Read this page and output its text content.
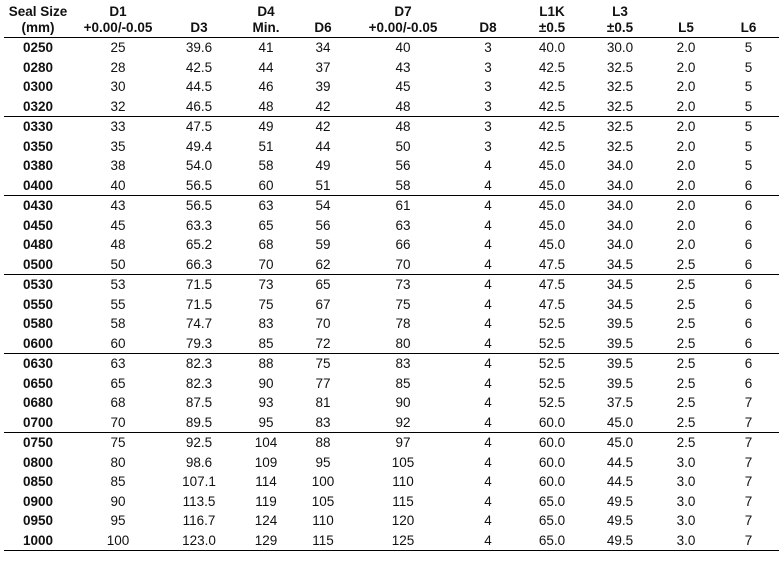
Seal Size	D1		D4		D7		L1K	L3		
(mm)	+0.00/-0.05	D3	Min.	D6	+0.00/-0.05	D8	±0.5	±0.5	L5	L6
0250	25	39.6	41	34	40	3	40.0	30.0	2.0	5
0280	28	42.5	44	37	43	3	42.5	32.5	2.0	5
0300	30	44.5	46	39	45	3	42.5	32.5	2.0	5
0320	32	46.5	48	42	48	3	42.5	32.5	2.0	5
0330	33	47.5	49	42	48	3	42.5	32.5	2.0	5
0350	35	49.4	51	44	50	3	42.5	32.5	2.0	5
0380	38	54.0	58	49	56	4	45.0	34.0	2.0	5
0400	40	56.5	60	51	58	4	45.0	34.0	2.0	6
0430	43	56.5	63	54	61	4	45.0	34.0	2.0	6
0450	45	63.3	65	56	63	4	45.0	34.0	2.0	6
0480	48	65.2	68	59	66	4	45.0	34.0	2.0	6
0500	50	66.3	70	62	70	4	47.5	34.5	2.5	6
0530	53	71.5	73	65	73	4	47.5	34.5	2.5	6
0550	55	71.5	75	67	75	4	47.5	34.5	2.5	6
0580	58	74.7	83	70	78	4	52.5	39.5	2.5	6
0600	60	79.3	85	72	80	4	52.5	39.5	2.5	6
0630	63	82.3	88	75	83	4	52.5	39.5	2.5	6
0650	65	82.3	90	77	85	4	52.5	39.5	2.5	6
0680	68	87.5	93	81	90	4	52.5	37.5	2.5	7
0700	70	89.5	95	83	92	4	60.0	45.0	2.5	7
0750	75	92.5	104	88	97	4	60.0	45.0	2.5	7
0800	80	98.6	109	95	105	4	60.0	44.5	3.0	7
0850	85	107.1	114	100	110	4	60.0	44.5	3.0	7
0900	90	113.5	119	105	115	4	65.0	49.5	3.0	7
0950	95	116.7	124	110	120	4	65.0	49.5	3.0	7
1000	100	123.0	129	115	125	4	65.0	49.5	3.0	7
